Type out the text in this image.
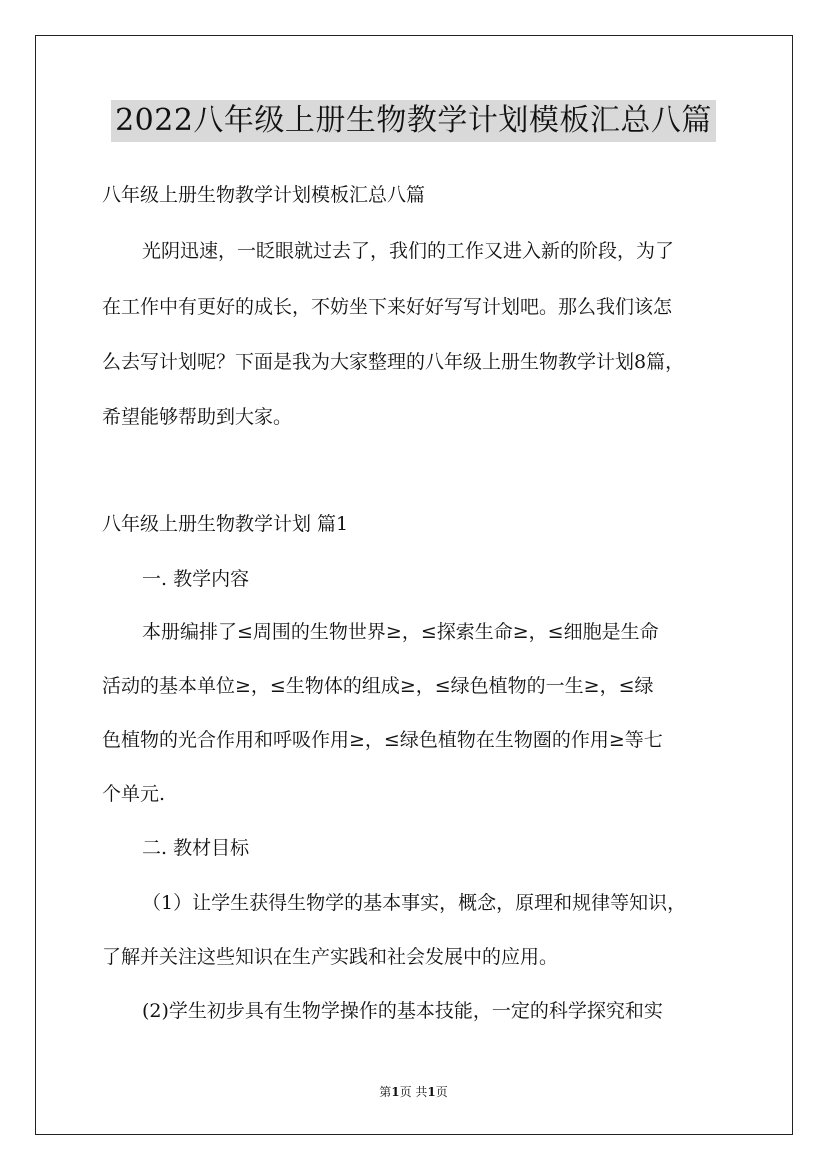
2022八年级上册生物教学计划模板汇总八篇
八年级上册生物教学计划模板汇总八篇
光阴迅速，一眨眼就过去了，我们的工作又进入新的阶段，为了
在工作中有更好的成长，不妨坐下来好好写写计划吧。那么我们该怎
么去写计划呢？下面是我为大家整理的八年级上册生物教学计划8篇，
希望能够帮助到大家。
八年级上册生物教学计划 篇1
一. 教学内容
本册编排了≤周围的生物世界≥，≤探索生命≥，≤细胞是生命
活动的基本单位≥，≤生物体的组成≥，≤绿色植物的一生≥，≤绿
色植物的光合作用和呼吸作用≥，≤绿色植物在生物圈的作用≥等七
个单元.
二. 教材目标
（1）让学生获得生物学的基本事实，概念，原理和规律等知识，
了解并关注这些知识在生产实践和社会发展中的应用。
(2)学生初步具有生物学操作的基本技能，一定的科学探究和实
第1页 共1页
